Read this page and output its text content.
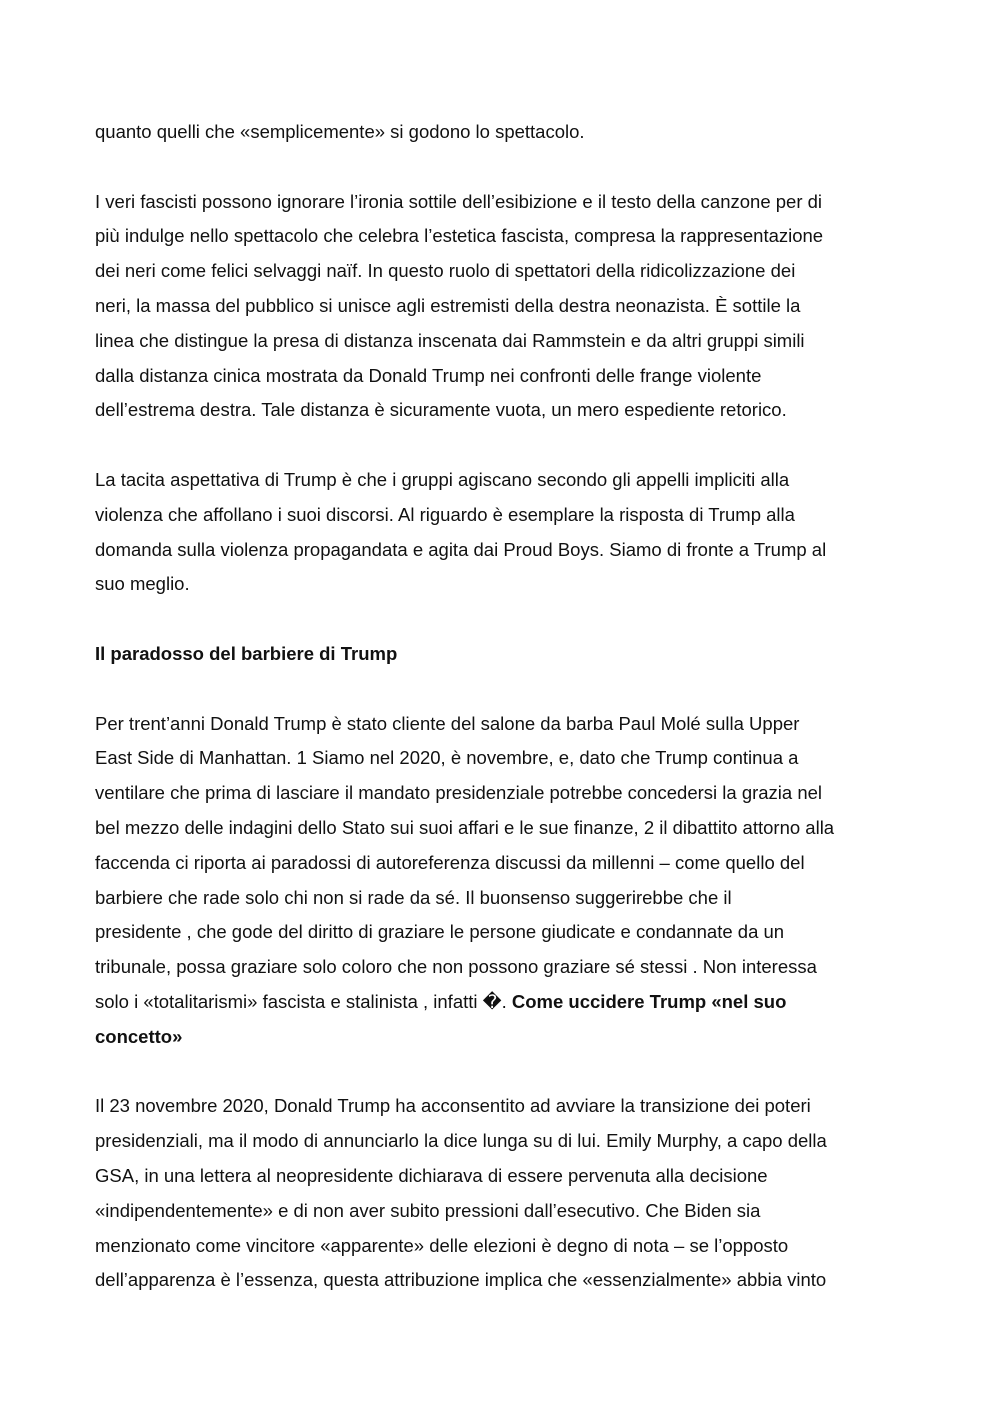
quanto quelli che «semplicemente» si godono lo spettacolo.
I veri fascisti possono ignorare l’ironia sottile dell’esibizione e il testo della canzone per di
più indulge nello spettacolo che celebra l’estetica fascista, compresa la rappresentazione
dei neri come felici selvaggi naïf. In questo ruolo di spettatori della ridicolizzazione dei
neri, la massa del pubblico si unisce agli estremisti della destra neonazista. È sottile la
linea che distingue la presa di distanza inscenata dai Rammstein e da altri gruppi simili
dalla distanza cinica mostrata da Donald Trump nei confronti delle frange violente
dell’estrema destra. Tale distanza è sicuramente vuota, un mero espediente retorico.
La tacita aspettativa di Trump è che i gruppi agiscano secondo gli appelli impliciti alla
violenza che affollano i suoi discorsi. Al riguardo è esemplare la risposta di Trump alla
domanda sulla violenza propagandata e agita dai Proud Boys. Siamo di fronte a Trump al
suo meglio.
Il paradosso del barbiere di Trump
Per trent’anni Donald Trump è stato cliente del salone da barba Paul Molé sulla Upper
East Side di Manhattan. 1 Siamo nel 2020, è novembre, e, dato che Trump continua a
ventilare che prima di lasciare il mandato presidenziale potrebbe concedersi la grazia nel
bel mezzo delle indagini dello Stato sui suoi affari e le sue finanze, 2 il dibattito attorno alla
faccenda ci riporta ai paradossi di autoreferenza discussi da millenni – come quello del
barbiere che rade solo chi non si rade da sé. Il buonsenso suggerirebbe che il
presidente , che gode del diritto di graziare le persone giudicate e condannate da un
tribunale, possa graziare solo coloro che non possono graziare sé stessi . Non interessa
solo i «totalitarismi» fascista e stalinista , infatti �. Come uccidere Trump «nel suo
concetto»
Il 23 novembre 2020, Donald Trump ha acconsentito ad avviare la transizione dei poteri
presidenziali, ma il modo di annunciarlo la dice lunga su di lui. Emily Murphy, a capo della
GSA, in una lettera al neopresidente dichiarava di essere pervenuta alla decisione
«indipendentemente» e di non aver subito pressioni dall’esecutivo. Che Biden sia
menzionato come vincitore «apparente» delle elezioni è degno di nota – se l’opposto
dell’apparenza è l’essenza, questa attribuzione implica che «essenzialmente» abbia vinto
